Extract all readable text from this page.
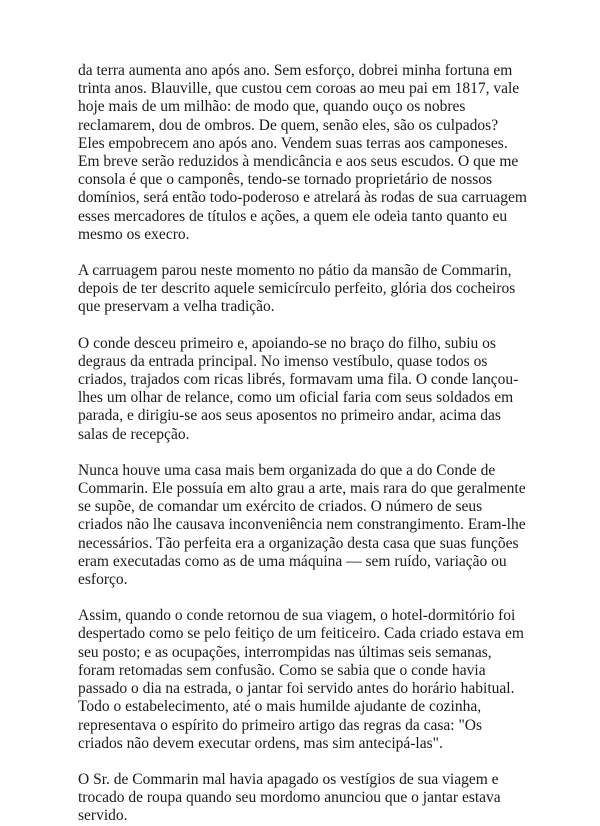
da terra aumenta ano após ano. Sem esforço, dobrei minha fortuna em trinta anos. Blauville, que custou cem coroas ao meu pai em 1817, vale hoje mais de um milhão: de modo que, quando ouço os nobres reclamarem, dou de ombros. De quem, senão eles, são os culpados? Eles empobrecem ano após ano. Vendem suas terras aos camponeses. Em breve serão reduzidos à mendicância e aos seus escudos. O que me consola é que o camponês, tendo-se tornado proprietário de nossos domínios, será então todo-poderoso e atrelará às rodas de sua carruagem esses mercadores de títulos e ações, a quem ele odeia tanto quanto eu mesmo os execro.

A carruagem parou neste momento no pátio da mansão de Commarin, depois de ter descrito aquele semicírculo perfeito, glória dos cocheiros que preservam a velha tradição.

O conde desceu primeiro e, apoiando-se no braço do filho, subiu os degraus da entrada principal. No imenso vestíbulo, quase todos os criados, trajados com ricas librés, formavam uma fila. O conde lançou-lhes um olhar de relance, como um oficial faria com seus soldados em parada, e dirigiu-se aos seus aposentos no primeiro andar, acima das salas de recepção.

Nunca houve uma casa mais bem organizada do que a do Conde de Commarin. Ele possuía em alto grau a arte, mais rara do que geralmente se supõe, de comandar um exército de criados. O número de seus criados não lhe causava inconveniência nem constrangimento. Eram-lhe necessários. Tão perfeita era a organização desta casa que suas funções eram executadas como as de uma máquina — sem ruído, variação ou esforço.

Assim, quando o conde retornou de sua viagem, o hotel-dormitório foi despertado como se pelo feitiço de um feiticeiro. Cada criado estava em seu posto; e as ocupações, interrompidas nas últimas seis semanas, foram retomadas sem confusão. Como se sabia que o conde havia passado o dia na estrada, o jantar foi servido antes do horário habitual. Todo o estabelecimento, até o mais humilde ajudante de cozinha, representava o espírito do primeiro artigo das regras da casa: "Os criados não devem executar ordens, mas sim antecipá-las".

O Sr. de Commarin mal havia apagado os vestígios de sua viagem e trocado de roupa quando seu mordomo anunciou que o jantar estava servido.
